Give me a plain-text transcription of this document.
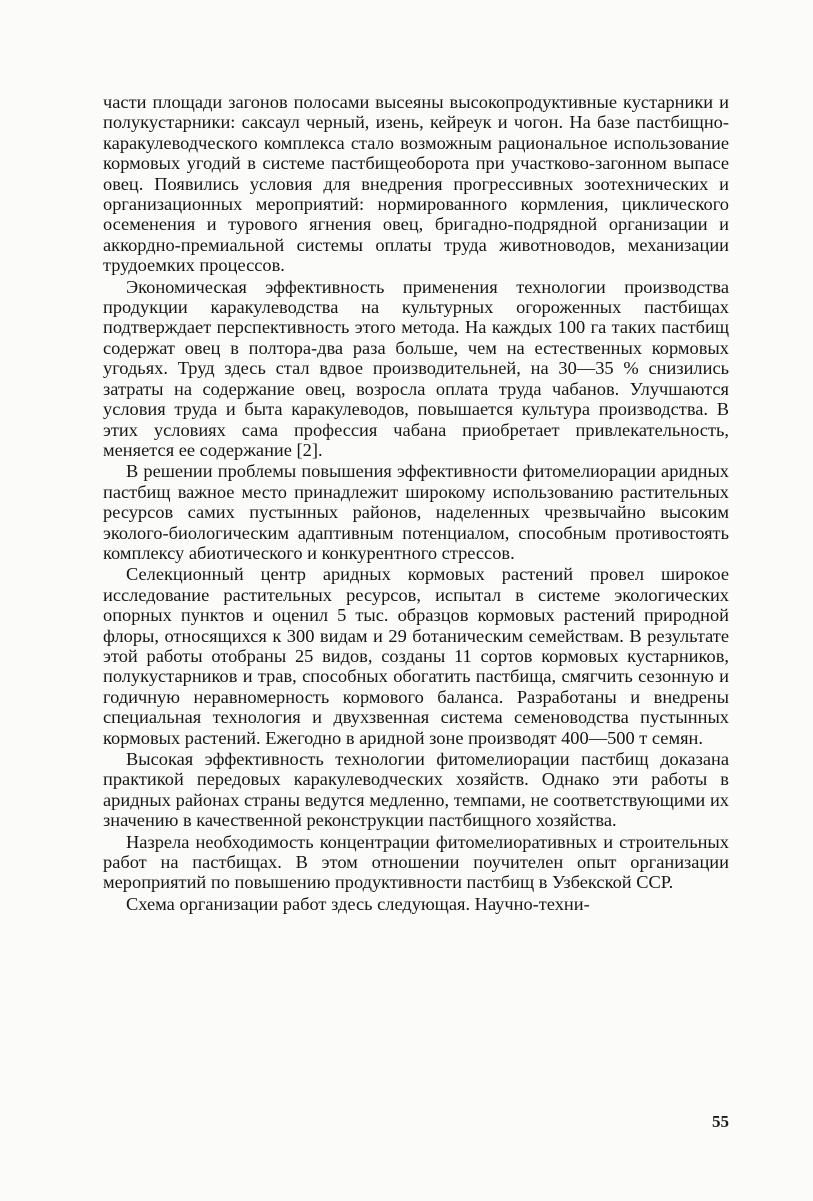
части площади загонов полосами высеяны высокопродуктивные кустарники и полукустарники: саксаул черный, изень, кейреук и чогон. На базе пастбищно-каракулеводческого комплекса стало возможным рациональное использование кормовых угодий в системе пастбищеоборота при участково-загонном выпасе овец. Появились условия для внедрения прогрессивных зоотехнических и организационных мероприятий: нормированного кормления, циклического осеменения и турового ягнения овец, бригадно-подрядной организации и аккордно-премиальной системы оплаты труда животноводов, механизации трудоемких процессов.

Экономическая эффективность применения технологии производства продукции каракулеводства на культурных огороженных пастбищах подтверждает перспективность этого метода. На каждых 100 га таких пастбищ содержат овец в полтора-два раза больше, чем на естественных кормовых угодьях. Труд здесь стал вдвое производительней, на 30—35 % снизились затраты на содержание овец, возросла оплата труда чабанов. Улучшаются условия труда и быта каракулеводов, повышается культура производства. В этих условиях сама профессия чабана приобретает привлекательность, меняется ее содержание [2].

В решении проблемы повышения эффективности фитомелиорации аридных пастбищ важное место принадлежит широкому использованию растительных ресурсов самих пустынных районов, наделенных чрезвычайно высоким эколого-биологическим адаптивным потенциалом, способным противостоять комплексу абиотического и конкурентного стрессов.

Селекционный центр аридных кормовых растений провел широкое исследование растительных ресурсов, испытал в системе экологических опорных пунктов и оценил 5 тыс. образцов кормовых растений природной флоры, относящихся к 300 видам и 29 ботаническим семействам. В результате этой работы отобраны 25 видов, созданы 11 сортов кормовых кустарников, полукустарников и трав, способных обогатить пастбища, смягчить сезонную и годичную неравномерность кормового баланса. Разработаны и внедрены специальная технология и двухзвенная система семеноводства пустынных кормовых растений. Ежегодно в аридной зоне производят 400—500 т семян.

Высокая эффективность технологии фитомелиорации пастбищ доказана практикой передовых каракулеводческих хозяйств. Однако эти работы в аридных районах страны ведутся медленно, темпами, не соответствующими их значению в качественной реконструкции пастбищного хозяйства.

Назрела необходимость концентрации фитомелиоративных и строительных работ на пастбищах. В этом отношении поучителен опыт организации мероприятий по повышению продуктивности пастбищ в Узбекской ССР.

Схема организации работ здесь следующая. Научно-техни-

55
